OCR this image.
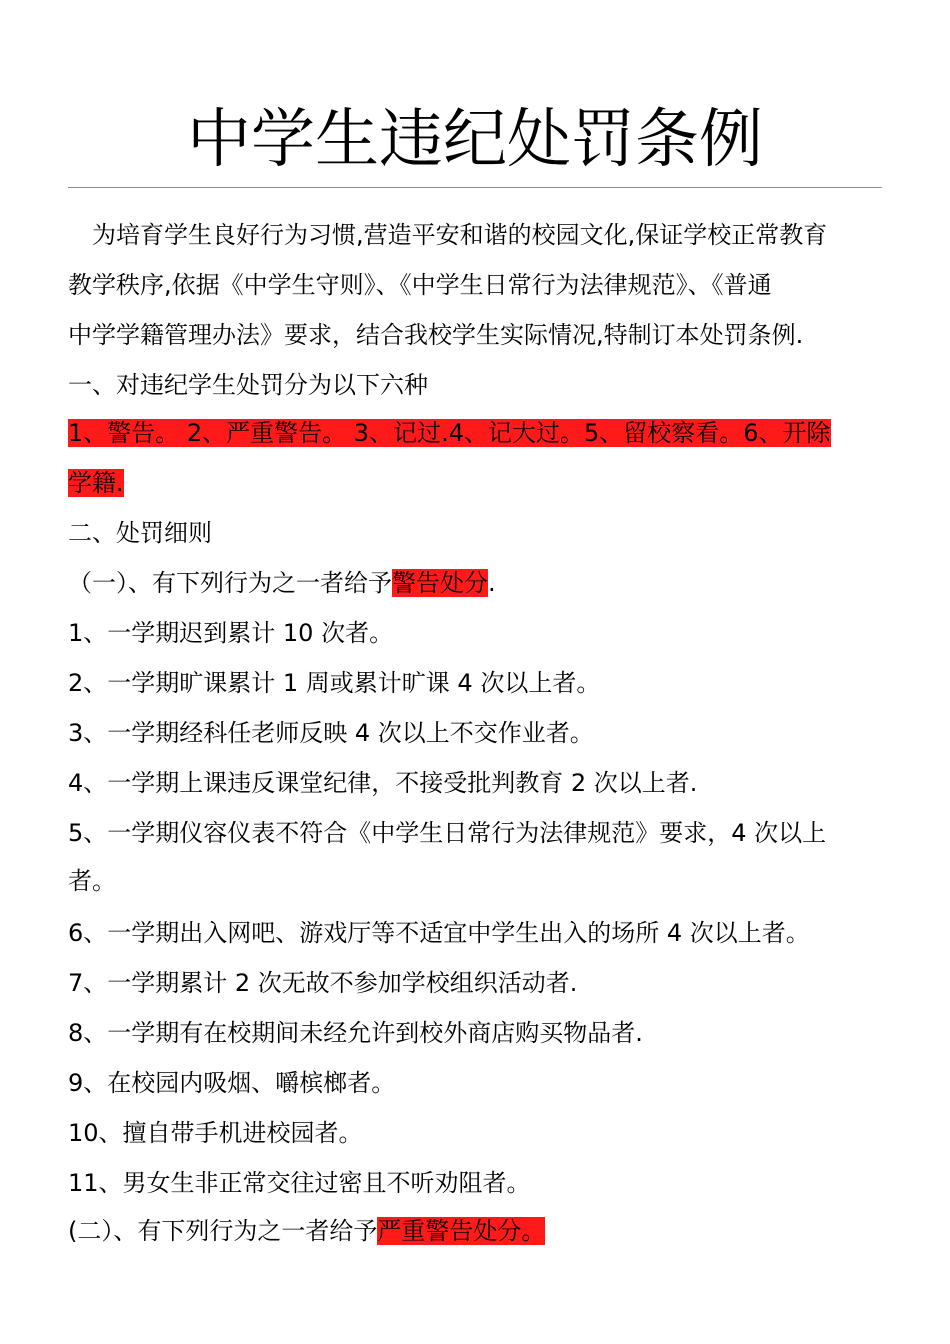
中学生违纪处罚条例
　为培育学生良好行为习惯,营造平安和谐的校园文化,保证学校正常教育
教学秩序,依据《中学生守则》、《中学生日常行为法律规范》、《普通
中学学籍管理办法》要求，结合我校学生实际情况,特制订本处罚条例.
一、对违纪学生处罚分为以下六种
1、警告。 2、严重警告。 3、记过.4、记大过。5、留校察看。6、开除
学籍.
二、处罚细则
（一）、有下列行为之一者给予警告处分.
1、一学期迟到累计 10 次者。
2、一学期旷课累计 1 周或累计旷课 4 次以上者。
3、一学期经科任老师反映 4 次以上不交作业者。
4、一学期上课违反课堂纪律，不接受批判教育 2 次以上者.
5、一学期仪容仪表不符合《中学生日常行为法律规范》要求，4 次以上
者。
6、一学期出入网吧、游戏厅等不适宜中学生出入的场所 4 次以上者。
7、一学期累计 2 次无故不参加学校组织活动者.
8、一学期有在校期间未经允许到校外商店购买物品者.
9、在校园内吸烟、嚼槟榔者。
10、擅自带手机进校园者。
11、男女生非正常交往过密且不听劝阻者。
(二）、有下列行为之一者给予严重警告处分。
